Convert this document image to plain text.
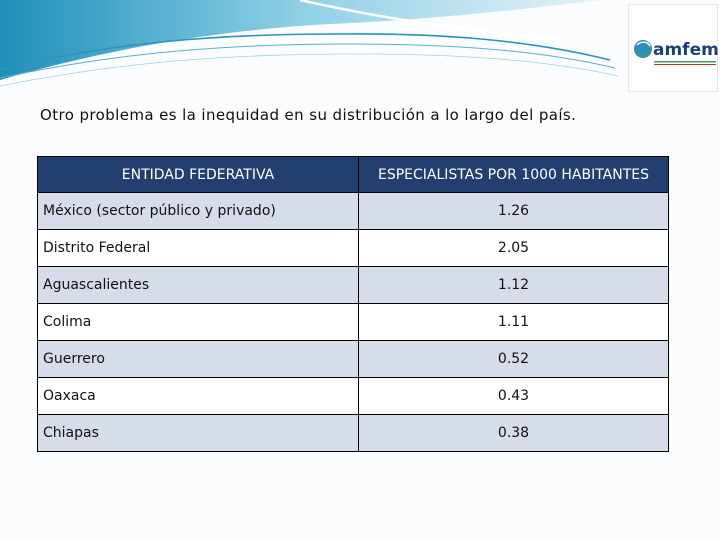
amfem

Otro problema es la inequidad en su distribución a lo largo del país.

ENTIDAD FEDERATIVA	ESPECIALISTAS POR 1000 HABITANTES
México (sector público y privado)	1.26
Distrito Federal	2.05
Aguascalientes	1.12
Colima	1.11
Guerrero	0.52
Oaxaca	0.43
Chiapas	0.38
